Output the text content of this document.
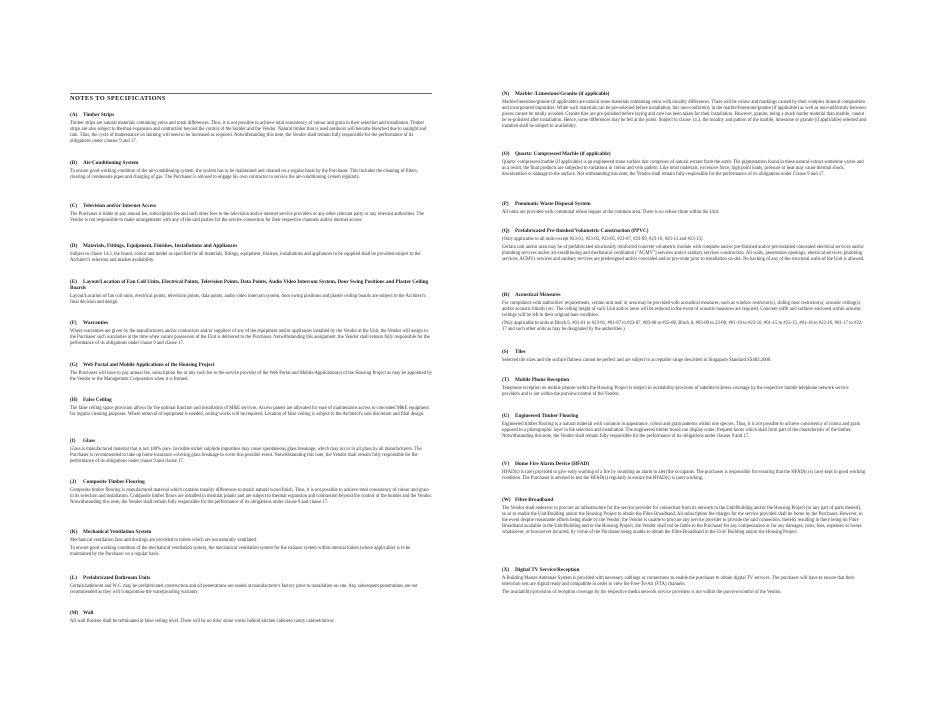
NOTES TO SPECIFICATIONS
(A) Timber Strips

Timber strips are natural materials containing veins and tonal differences. Thus, it is not possible to achieve total consistency of colour and grain in their selection and installation. Timber strips are also subject to thermal expansion and contraction beyond the control of the builder and the Vendor. Natural timber that is used outdoors will become bleached due to sunlight and rain. Thus, the cycle of maintenance on staining will need to be increased as required. Notwithstanding this note, the Vendor shall remain fully responsible for the performance of its obligations under clauses 9 and 17.

(B) Air-Conditioning System

To ensure good working condition of the air-conditioning system, the system has to be maintained and cleaned on a regular basis by the Purchaser. This includes the cleaning of filters, clearing of condensate pipes and charging of gas. The Purchaser is advised to engage his own contractor to service the air-conditioning system regularly.

(C) Television and/or Internet Access

The Purchaser is liable to pay annual fee, subscription fee and such other fees to the television and/or internet service providers or any other relevant party or any relevant authorities. The Vendor is not responsible to make arrangements with any of the said parties for the service connection for their respective channels and/or internet access.

(D) Materials, Fittings, Equipment, Finishes, Installations and Appliances

Subject to clause 14.3, the brand, colour and model as specified for all materials, fittings, equipment, finishes, installations and appliances to be supplied shall be provided subject to the Architect's selection and market availability.

(E) Layout/Location of Fan Coil Units, Electrical Points, Television Points, Data Points, Audio Video Intercom System, Door Swing Positions and Plaster Ceiling Boards

Layout/Location of fan coil units, electrical points, television points, data points, audio video intercom system, door swing positions and plaster ceiling boards are subject to the Architect's final decision and design.

(F) Warranties

Where warranties are given by the manufacturers and/or contractors and/or suppliers of any of the equipment and/or appliances installed by the Vendor at the Unit, the Vendor will assign to the Purchaser such warranties at the time when vacant possession of the Unit is delivered to the Purchaser. Notwithstanding this assignment, the Vendor shall remain fully responsible for the performance of its obligations under clause 9 and clause 17.

(G) Web Portal and Mobile Applications of the Housing Project

The Purchaser will have to pay annual fee, subscription fee or any such fee to the service provider of the Web Portal and Mobile Application(s) of the Housing Project as may be appointed by the Vendor or the Management Corporation when it is formed.

(H) False Ceiling

The false ceiling space provision allows for the optimal function and installation of M&E services. Access panels are allocated for ease of maintenance access to concealed M&E equipment for regular cleaning purposes. Where removal of equipment is needed, ceiling works will be required. Location of false ceiling is subject to the Architect's sole discretion and final design.

(I) Glass

Glass is manufactured material that is not 100% pure. Invisible nickel sulphide impurities may cause spontaneous glass breakage, which may occur in all glass by all manufacturers. The Purchaser is recommended to take up home insurance covering glass breakage to cover this possible event. Notwithstanding this note, the Vendor shall remain fully responsible for the performance of its obligations under clause 9 and clause 17.

(J) Composite Timber Flooring

Composite timber flooring is manufactured material which contains tonality differences to match natural wood finish. Thus, it is not possible to achieve total consistency of colour and grain in its selection and installation. Composite timber floors are installed in modular planks and are subject to thermal expansion and contraction beyond the control of the builder and the Vendor. Notwithstanding this note, the Vendor shall remain fully responsible for the performance of its obligations under clause 9 and clause 17.

(K) Mechanical Ventilation System

Mechanical ventilation fans and ductings are provided to toilets which are not naturally ventilated.

To ensure good working condition of the mechanical ventilation system, the mechanical ventilation system for the exhaust system within internal toilets (where applicable) is to be maintained by the Purchaser on a regular basis.

(L) Prefabricated Bathroom Units

Certain bathroom and W.C. may be prefabricated construction and all penetrations are sealed at manufacturer's factory prior to installation on site. Any subsequent penetrations are not recommended as they will compromise the waterproofing warranty.

(M) Wall

All wall finishes shall be terminated at false ceiling level. There will be no tiles/ stone works behind kitchen cabinets/vanity cabinet/mirror.

(N) Marble/ /Limestone/Granite (if applicable)

Marble/limestone/granite (if applicable) are natural stone materials containing veins with tonality differences. There will be colour and markings caused by their complex mineral composition and incorporated impurities. While such materials can be pre-selected before installation, this non-conformity in the marble/limestone/granite (if applicable) as well as non-uniformity between pieces cannot be totally avoided. Granite tiles are pre-polished before laying and care has been taken for their installation. However, granite, being a much harder material than marble, cannot be re-polished after installation. Hence, some differences may be felt at the joints. Subject to clause 14.3, the tonality and pattern of the marble, limestone or granite (if applicable) selected and installed shall be subject to availability.

(O) Quartz/ Compressed Marble (if applicable)

Quartz/ compressed marble (if applicable) is an engineered stone surface that comprises of natural extract from the earth. The pigmentation found in these natural extract sometime varies and as a result, the final products are subjected to variations in colour and vein pattern. Like most materials, excessive force, high point loads, pressure or heat may cause thermal shock, discoloration or damage to the surface. Not withstanding this note, the Vendor shall remain fully responsible for the performance of its obligations under Clause 9 and 17.

(P) Pneumatic Waste Disposal System

All units are provided with communal refuse hopper at the common area. There is no refuse chute within the Unit.

(Q) Prefabricated Pre-finished Volumetric Construction (PPVC)

(Only applicable to all units except #23-01, #23-03, #23-05, #23-07, #23-09, #23-10, #23-13 and #23-15)

Certain unit and/or area may be of prefabricated structurally reinforced concrete volumetric module with complete and/or pre-finished and/or pre-installed concealed electrical services and/or plumbing services and/or air-conditioning and mechanical ventilation ("ACMV") services and/or sanitary services construction. All walls, penetration openings, electrical services, plumbing services, ACMVs services and sanitary services are predesigned and/or concealed and/or pre-route prior to installation on site. No hacking of any of the structural walls of the Unit is allowed.

(R) Acoustical Measures

For compliance with authorities' requirements, certain unit and/ or area may be provided with acoustical measures, such as window restrictor(s), sliding door restrictor(s), acoustic ceiling(s) and/or acoustic blind(s) etc. The ceiling height of such Unit and/or areas will be reduced in the event of acoustic measures are required. Concrete soffit and surfaces enclosed within acoustic ceilings will be left in their original bare condition.

(Only applicable to units at Block 6, #01-01 to #23-01, #01-07 to #23-07, #03-08 to #22-08, Block 8, #03-09 to 23-09, #01-10 to #23-10, #01-15 to #23-15, #01-16 to #22-16, #01-17 to #22-17 and such other units as may be designated by the authorities.)

(S) Tiles

Selected tile sizes and tile surface flatness cannot be perfect and are subject to acceptable range described in Singapore Standard SS483:2000.

(T) Mobile Phone Reception

Telephone reception on mobile phones within the Housing Project is subject to availability/provision of satellite/wireless coverage by the respective mobile telephone network service providers and is not within the purview/control of the Vendor.

(U) Engineered Timber Flooring

Engineered timber flooring is a natural material with variation in appearance, colour and grain patterns within one species. Thus, it is not possible to achieve consistency of colour and grain opposed to a photographic layer in the selection and installation. The engineered timber board can display some, frequent knots which shall form part of the characteristic of the timber. Notwithstanding this note, the Vendor shall remain fully responsible for the performance of its obligations under clauses 9 and 17.

(V) Home Fire Alarm Device (HFAD)

HFAD(s) is (are) provided to give early warning of a fire by sounding an alarm to alert the occupants. The purchaser is responsible for ensuring that the HFAD(s) is (are) kept in good working condition. The Purchaser is advised to test the HFAD(s) regularly to ensure the HFAD(s) is (are) working.

(W) Fibre Broadband

The Vendor shall endeavor to procure an infrastructure for the service provider for connection from its network to the Unit/Building and/or the Housing Project (or any part of parts thereof), so as to enable the Unit/Building and/or the Housing Project to obtain the Fibre Broadband. All subscription fee/charges for the service provided shall be borne by the Purchaser. However, in the event despite reasonable efforts being made by the Vendor, the Vendor is unable to procure any service provider to provide the said connection, thereby resulting in there being no Fibre Broadband available in the Unit/Building and/or the Housing Project, the Vendor shall not be liable to the Purchaser for any compensation or for any damages, costs, fees, expenses or losses whatsoever, or howsoever incurred, by virtue of the Purchaser being unable to obtain the Fibre Broadband in the Unit/ Building and/or the Housing Project.

(X) Digital TV Service/Reception

A Building Master Antennae System is provided with necessary cablings or connections to enable the purchaser to obtain digital TV services. The purchaser will have to ensure that their television sets are digital ready and compatible in order to view the Free-To-Air (FTA) channels.

The availability/provision of reception coverage by the respective media network service providers is not within the purview/control of the Vendor.
